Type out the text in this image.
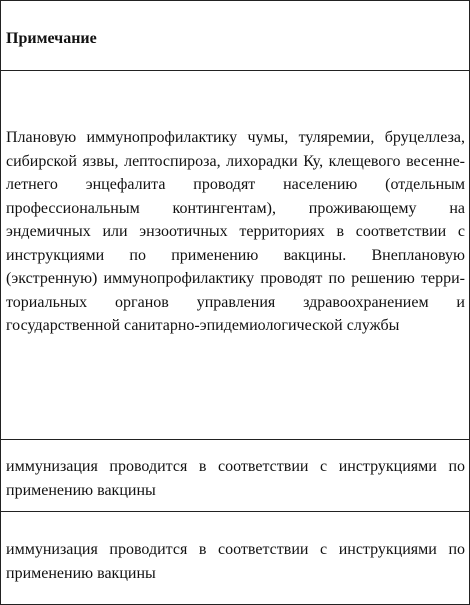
Примечание
Плановую иммунопрофилактику чумы, туляремии, бруцеллеза, сибирской язвы, лептоспироза, лихорадки Ку, клещевого весенне-летнего энцефалита проводят населению (отдельным профессиональным контингентам), проживающему на эндемичных или энзоотичных территориях в соответствии с инструкциями по применению вакцины. Внеплановую (экстренную) иммунопрофилактику проводят по решению территориальных органов управления здравоохранением и государственной санитарно-эпидемиологической службы
иммунизация проводится в соответствии с инструкциями по применению вакцины
иммунизация проводится в соответствии с инструкциями по применению вакцины
